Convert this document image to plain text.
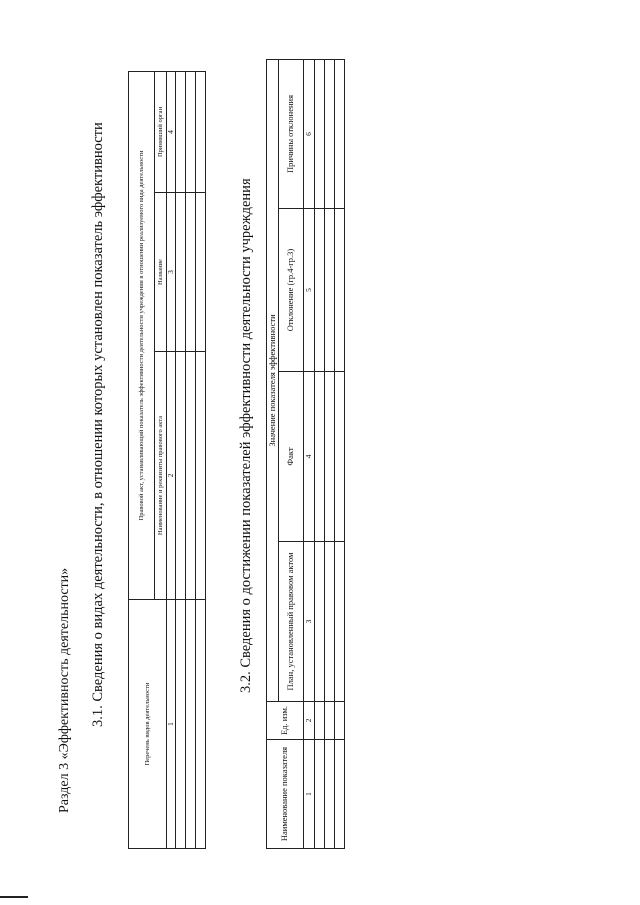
Раздел 3 «Эффективность деятельности» 3.1. Сведения о видах деятельности, в отношении которых установлен показатель эффективности	Перечень видов деятельности	Правовой акт, устанавливающий показатель эффективности деятельности учреждения в отношении реализуемого вида деятельности		
	Наименование и реквизиты правового акта	Название	Принявший орган
1	2	3	4

3.2. Сведения о достижении показателей эффективности деятельности учреждения
Наименование показателя	Ед. изм.	Значение показателя эффективности			
		План, установленный правовом актом	Факт	Отклонение (гр.4-гр.3)	Причины отклонения
1	2	3	4	5	6
